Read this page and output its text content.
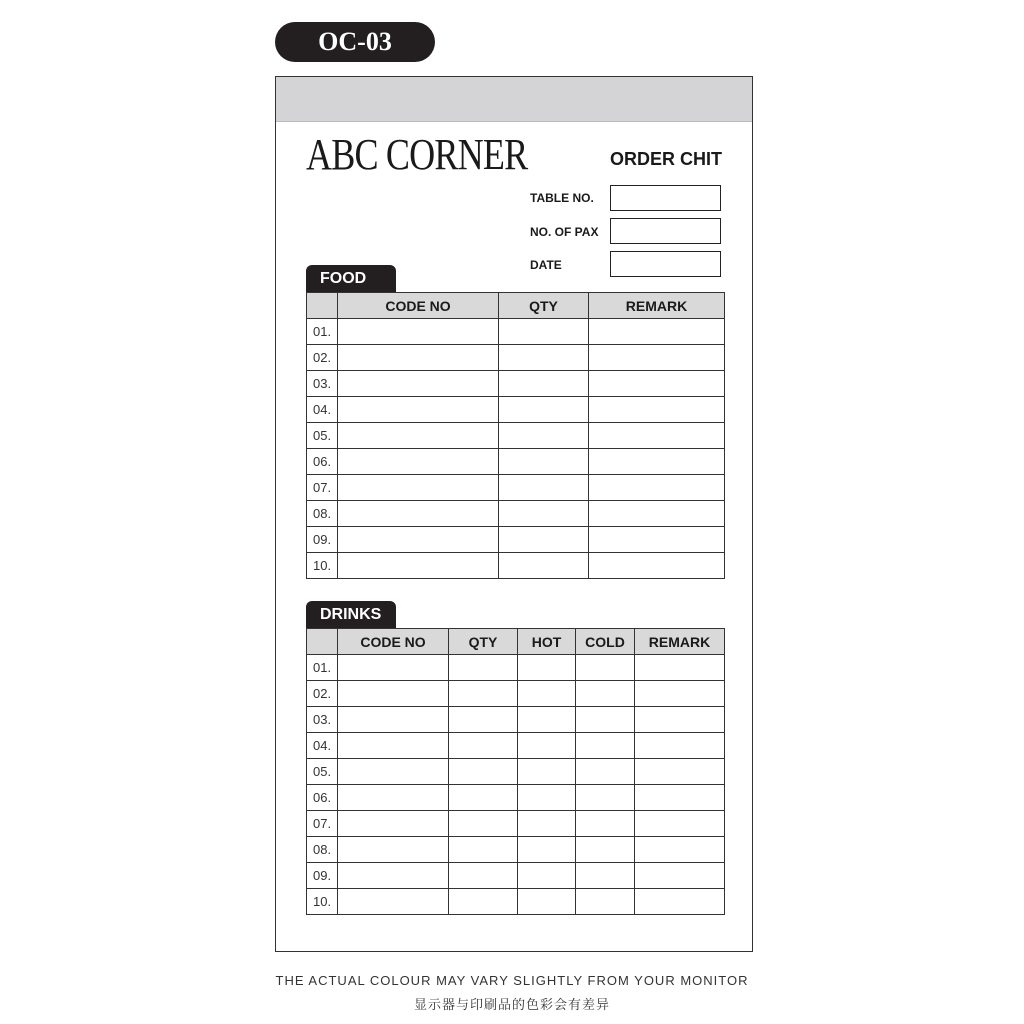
OC-03
ABC CORNER	ORDER CHIT
TABLE NO.
NO. OF PAX
DATE
FOOD
	CODE NO	QTY	REMARK
01.			
02.			
03.			
04.			
05.			
06.			
07.			
08.			
09.			
10.			
DRINKS
	CODE NO	QTY	HOT	COLD	REMARK
01.					
02.					
03.					
04.					
05.					
06.					
07.					
08.					
09.					
10.					
THE ACTUAL COLOUR MAY VARY SLIGHTLY FROM YOUR MONITOR
显示器与印刷品的色彩会有差异
